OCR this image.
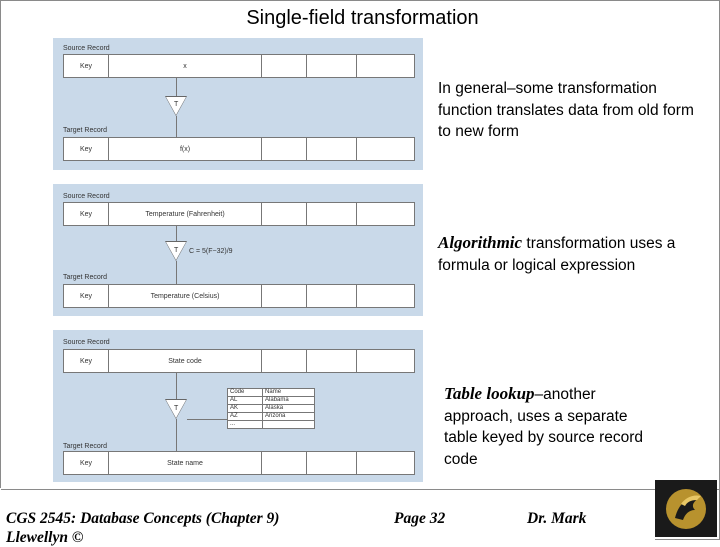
Single-field transformation
Source Record
Key	x
T
Target Record
Key	f(x)
Source Record
Key	Temperature (Fahrenheit)
T C = 5(F−32)/9
Target Record
Key	Temperature (Celsius)
Source Record
Key	State code
T
Code	Name
AL	Alabama
AK	Alaska
AZ	Arizona
...	
Target Record
Key	State name
In general–some transformation function translates data from old form to new form
Algorithmic transformation uses a formula or logical expression
Table lookup–another approach, uses a separate table keyed by source record code
CGS 2545: Database Concepts (Chapter 9)	Page 32	Dr. Mark
Llewellyn ©
